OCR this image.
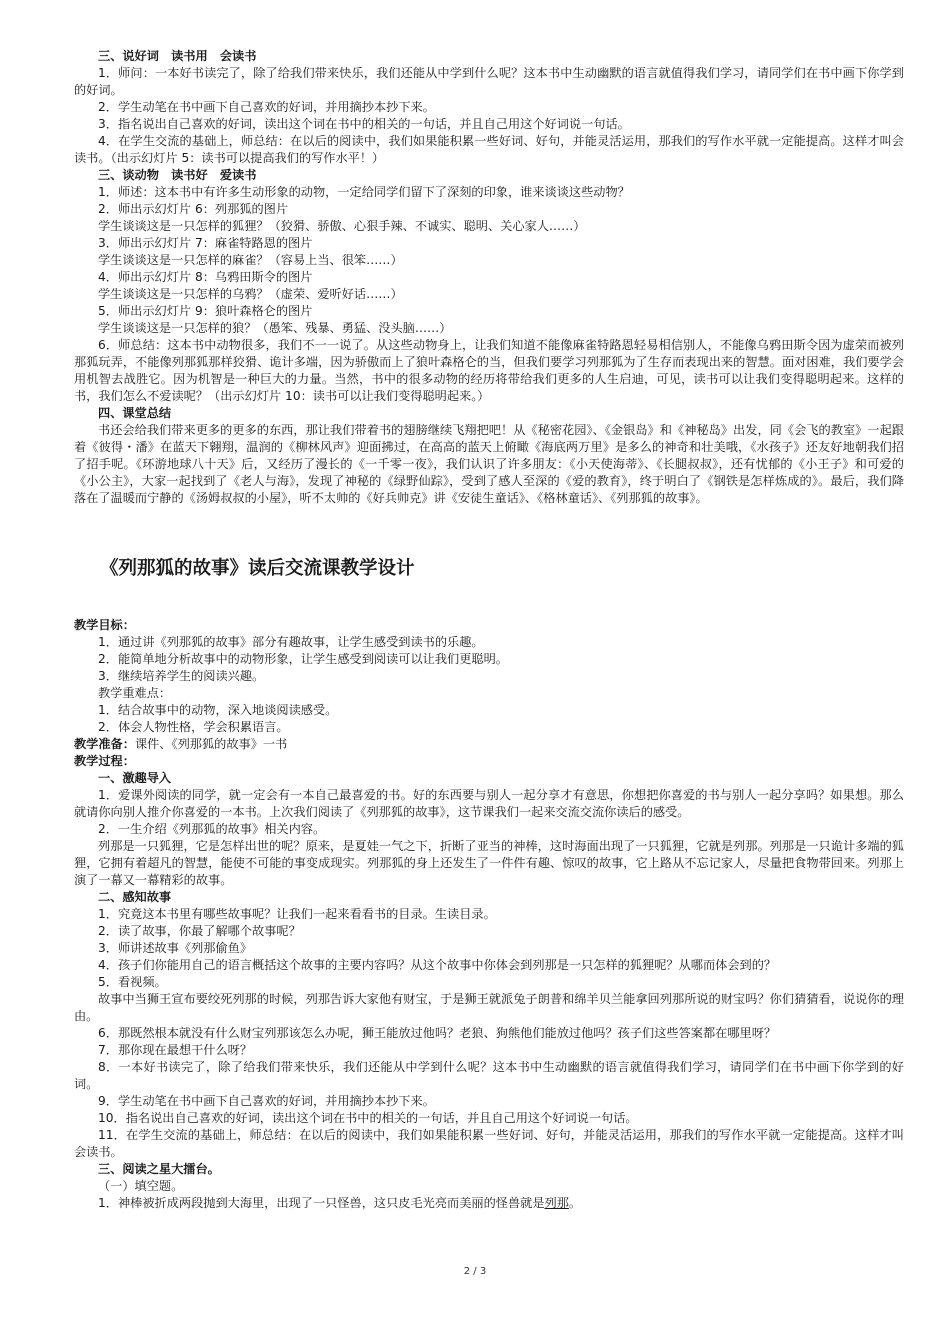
三、说好词　读书用　会读书

1．师问：一本好书读完了，除了给我们带来快乐，我们还能从中学到什么呢？这本书中生动幽默的语言就值得我们学习，请同学们在书中画下你学到的好词。

2．学生动笔在书中画下自己喜欢的好词，并用摘抄本抄下来。

3．指名说出自己喜欢的好词，读出这个词在书中的相关的一句话，并且自己用这个好词说一句话。

4．在学生交流的基础上，师总结：在以后的阅读中，我们如果能积累一些好词、好句，并能灵活运用，那我们的写作水平就一定能提高。这样才叫会读书。（出示幻灯片 5：读书可以提高我们的写作水平！）

三、谈动物　读书好　爱读书

1．师述：这本书中有许多生动形象的动物，一定给同学们留下了深刻的印象，谁来谈谈这些动物？

2．师出示幻灯片 6：列那狐的图片

学生谈谈这是一只怎样的狐狸？（狡猾、骄傲、心狠手辣、不诚实、聪明、关心家人……）

3．师出示幻灯片 7：麻雀特路恩的图片

学生谈谈这是一只怎样的麻雀？（容易上当、很笨……）

4．师出示幻灯片 8：乌鸦田斯令的图片

学生谈谈这是一只怎样的乌鸦？（虚荣、爱听好话……）

5．师出示幻灯片 9：狼叶森格仑的图片

学生谈谈这是一只怎样的狼？（愚笨、残暴、勇猛、没头脑……）

6．师总结：这本书中动物很多，我们不一一说了。从这些动物身上，让我们知道不能像麻雀特路恩轻易相信别人，不能像乌鸦田斯令因为虚荣而被列那狐玩弄，不能像列那狐那样狡猾、诡计多端，因为骄傲而上了狼叶森格仑的当，但我们要学习列那狐为了生存而表现出来的智慧。面对困难，我们要学会用机智去战胜它。因为机智是一种巨大的力量。当然，书中的很多动物的经历将带给我们更多的人生启迪，可见，读书可以让我们变得聪明起来。这样的书，我们怎么不爱读呢？（出示幻灯片 10：读书可以让我们变得聪明起来。）

四、课堂总结

书还会给我们带来更多的更多的东西，那让我们带着书的翅膀继续飞翔把吧！从《秘密花园》、《金银岛》和《神秘岛》出发，同《会飞的教室》一起跟着《彼得・潘》在蓝天下翱翔，温润的《柳林风声》迎面拂过，在高高的蓝天上俯瞰《海底两万里》是多么的神奇和壮美哦，《水孩子》还友好地朝我们招了招手呢。《环游地球八十天》后，又经历了漫长的《一千零一夜》，我们认识了许多朋友：《小天使海蒂》、《长腿叔叔》，还有忧郁的《小王子》和可爱的《小公主》，大家一起找到了《老人与海》，发现了神秘的《绿野仙踪》，受到了感人至深的《爱的教育》，终于明白了《钢铁是怎样炼成的》。最后，我们降落在了温暖而宁静的《汤姆叔叔的小屋》，听不太帅的《好兵帅克》讲《安徒生童话》、《格林童话》、《列那狐的故事》。

《列那狐的故事》读后交流课教学设计

教学目标：

1．通过讲《列那狐的故事》部分有趣故事，让学生感受到读书的乐趣。

2．能简单地分析故事中的动物形象，让学生感受到阅读可以让我们更聪明。

3．继续培养学生的阅读兴趣。

教学重难点：

1．结合故事中的动物，深入地谈阅读感受。

2．体会人物性格，学会积累语言。

教学准备：课件、《列那狐的故事》一书

教学过程：

一、激趣导入

1．爱课外阅读的同学，就一定会有一本自己最喜爱的书。好的东西要与别人一起分享才有意思，你想把你喜爱的书与别人一起分享吗？如果想。那么就请你向别人推介你喜爱的一本书。上次我们阅读了《列那狐的故事》，这节课我们一起来交流交流你读后的感受。

2．一生介绍《列那狐的故事》相关内容。

列那是一只狐狸，它是怎样出世的呢？原来，是夏娃一气之下，折断了亚当的神棒，这时海面出现了一只狐狸，它就是列那。列那是一只诡计多端的狐狸，它拥有着超凡的智慧，能使不可能的事变成现实。列那狐的身上还发生了一件件有趣、惊叹的故事，它上路从不忘记家人，尽量把食物带回来。列那上演了一幕又一幕精彩的故事。

二、感知故事

1．究竟这本书里有哪些故事呢？让我们一起来看看书的目录。生读目录。

2．读了故事，你最了解哪个故事呢？

3．师讲述故事《列那偷鱼》

4．孩子们你能用自己的语言概括这个故事的主要内容吗？从这个故事中你体会到列那是一只怎样的狐狸呢？从哪而体会到的？

5．看视频。

故事中当狮王宣布要绞死列那的时候，列那告诉大家他有财宝，于是狮王就派兔子朗普和绵羊贝兰能拿回列那所说的财宝吗？你们猜猜看，说说你的理由。

6．那既然根本就没有什么财宝列那该怎么办呢，狮王能放过他吗？老狼、狗熊他们能放过他吗？孩子们这些答案都在哪里呀？

7．那你现在最想干什么呀？

8．一本好书读完了，除了给我们带来快乐，我们还能从中学到什么呢？这本书中生动幽默的语言就值得我们学习，请同学们在书中画下你学到的好词。

9．学生动笔在书中画下自己喜欢的好词，并用摘抄本抄下来。

10．指名说出自己喜欢的好词，读出这个词在书中的相关的一句话，并且自己用这个好词说一句话。

11．在学生交流的基础上，师总结：在以后的阅读中，我们如果能积累一些好词、好句，并能灵活运用，那我们的写作水平就一定能提高。这样才叫会读书。

三、阅读之星大擂台。

（一）填空题。

1．神棒被折成两段抛到大海里，出现了一只怪兽，这只皮毛光亮而美丽的怪兽就是列那。

2 / 3
